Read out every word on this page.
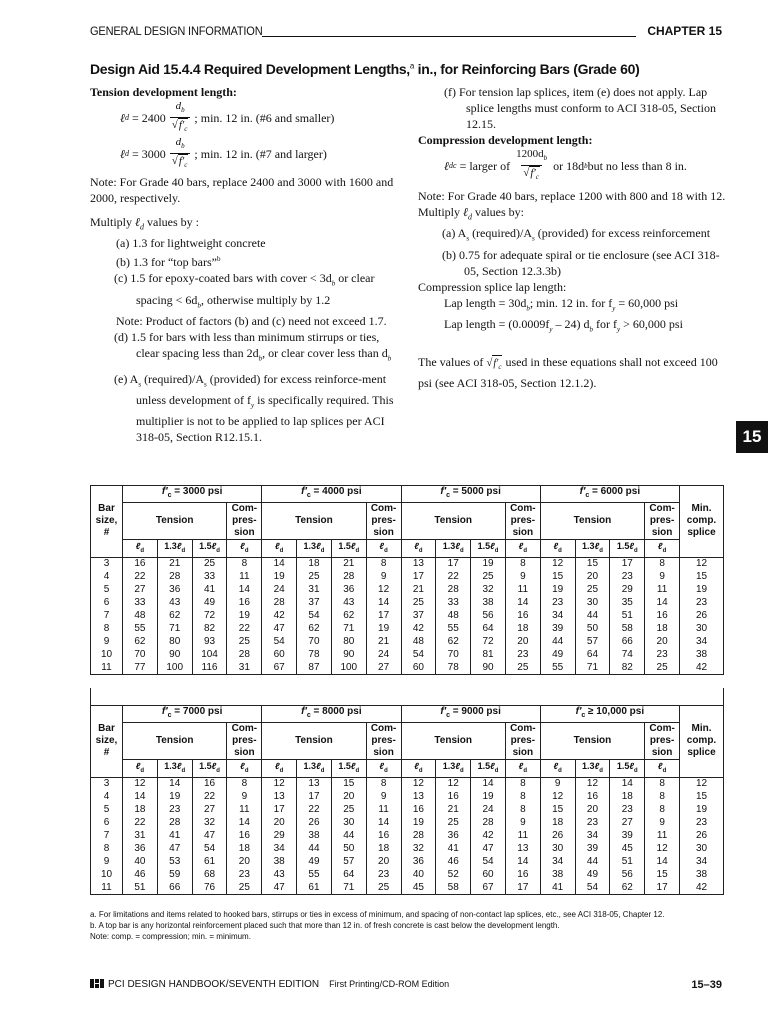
GENERAL DESIGN INFORMATION	CHAPTER 15
Design Aid 15.4.4 Required Development Lengths,$^a$ in., for Reinforcing Bars (Grade 60)

Tension development length:

ℓ d
= $2400 \frac{d_b}{√f'_c}$ ; min. 12 in. (#6 and smaller)
ℓ d
= $3000 \frac{d_b}{√f'_c}$ ; min. 12 in. (#7 and larger)

Note: For Grade 40 bars, replace 2400 and 3000 with 1600 and 2000, respectively.

Multiply ℓ$_d$ values by :

(a) 1.3 for lightweight concrete

(b) 1.3 for “top bars”$^b$

(c) 1.5 for epoxy-coated bars with cover < $3d_b$ or clear spacing < $6d_b$, otherwise multiply by 1.2

Note: Product of factors (b) and (c) need not exceed 1.7.

(d) 1.5 for bars with less than minimum stirrups or ties, clear spacing less than $2d_b$, or clear cover less than $d_b$

(e) $A_s$ $(required)/A_s$ (provided) for excess reinforce-ment unless development of $f_y$ is specifically required. This multiplier is not to be applied to lap splices per ACI 318-05, Section R12.15.1.

(f) For tension lap splices, item (e) does not apply. Lap splice lengths must conform to ACI 318-05, Section 12.15.

Compression development length:

ℓ dc
= larger of $\frac{1200d_b}{√f'_c}$ or 18d b but no less than 8 in.

Note: For Grade 40 bars, replace 1200 with 800 and 18 with 12.

Multiply ℓ$_d$ values by:

(a) $A_s$ $(required)/A_s$ (provided) for excess reinforcement

(b) 0.75 for adequate spiral or tie enclosure (see ACI 318-05, Section 12.3.3b)

Compression splice lap length:

Lap length = $30d_b$; min. 12 in. for $f_y = 60,000$ psi

Lap length = $(0.0009f_y - 24)$ $d_b$ for $f_y > 60,000$ psi

The values of $√f'_c$ used in these equations shall not exceed 100 psi (see ACI 318-05, Section 12.1.2).

15
Bar
size,
#	$f'_c = 3000$ psi				$f'_c = 4000$ psi				$f'_c = 5000$ psi				$f'_c = 6000$ psi				Min.
comp.
splice
	Tension			Com-
pres-
sion	Tension			Com-
pres-
sion	Tension			Com-
pres-
sion	Tension			Com-
pres-
sion	
	ℓ$_d$	1.3ℓ$_d$	1.5ℓ$_d$	ℓ$_d$	ℓ$_d$	1.3ℓ$_d$	1.5ℓ$_d$	ℓ$_d$	ℓ$_d$	1.3ℓ$_d$	1.5ℓ$_d$	ℓ$_d$	ℓ$_d$	1.3ℓ$_d$	1.5ℓ$_d$	ℓ$_d$
3	16	21	25	8	14	18	21	8	13	17	19	8	12	15	17	8	12
4	22	28	33	11	19	25	28	9	17	22	25	9	15	20	23	9	15
5	27	36	41	14	24	31	36	12	21	28	32	11	19	25	29	11	19
6	33	43	49	16	28	37	43	14	25	33	38	14	23	30	35	14	23
7	48	62	72	19	42	54	62	17	37	48	56	16	34	44	51	16	26
8	55	71	82	22	47	62	71	19	42	55	64	18	39	50	58	18	30
9	62	80	93	25	54	70	80	21	48	62	72	20	44	57	66	20	34
10	70	90	104	28	60	78	90	24	54	70	81	23	49	64	74	23	38
11	77	100	116	31	67	87	100	27	60	78	90	25	55	71	82	25	42
Bar
size,
#	$f'_c = 7000$ psi				$f'_c = 8000$ psi				$f'_c = 9000$ psi				$f'_c \ge 10,000$ psi				Min.
comp.
splice
	Tension			Com-
pres-
sion	Tension			Com-
pres-
sion	Tension			Com-
pres-
sion	Tension			Com-
pres-
sion	
	ℓ$_d$	1.3ℓ$_d$	1.5ℓ$_d$	ℓ$_d$	ℓ$_d$	1.3ℓ$_d$	1.5ℓ$_d$	ℓ$_d$	ℓ$_d$	1.3ℓ$_d$	1.5ℓ$_d$	ℓ$_d$	ℓ$_d$	1.3ℓ$_d$	1.5ℓ$_d$	ℓ$_d$
3	12	14	16	8	12	13	15	8	12	12	14	8	9	12	14	8	12
4	14	19	22	9	13	17	20	9	13	16	19	8	12	16	18	8	15
5	18	23	27	11	17	22	25	11	16	21	24	8	15	20	23	8	19
6	22	28	32	14	20	26	30	14	19	25	28	9	18	23	27	9	23
7	31	41	47	16	29	38	44	16	28	36	42	11	26	34	39	11	26
8	36	47	54	18	34	44	50	18	32	41	47	13	30	39	45	12	30
9	40	53	61	20	38	49	57	20	36	46	54	14	34	44	51	14	34
10	46	59	68	23	43	55	64	23	40	52	60	16	38	49	56	15	38
11	51	66	76	25	47	61	71	25	45	58	67	17	41	54	62	17	42

a. For limitations and items related to hooked bars, stirrups or ties in excess of minimum, and spacing of non-contact lap splices, etc., see ACI 318-05, Chapter 12.

b. A top bar is any horizontal reinforcement placed such that more than 12 in. of fresh concrete is cast below the development length.

Note: comp. = compression; min. = minimum.

PCI DESIGN HANDBOOK/SEVENTH EDITION First Printing/CD-ROM Edition	15–39
